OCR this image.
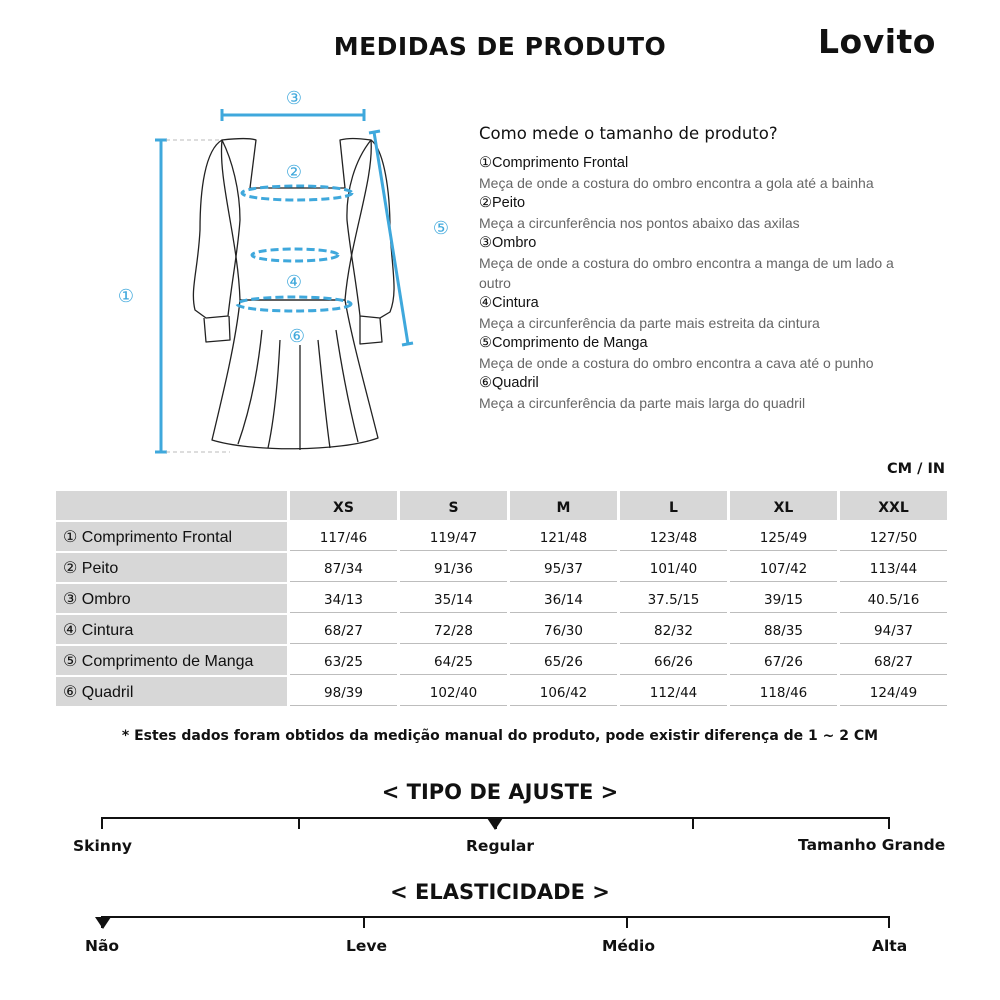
MEDIDAS DE PRODUTO	Lovito
①
②
③
④
⑤
⑥
Como mede o tamanho de produto?
①Comprimento Frontal
Meça de onde a costura do ombro encontra a gola até a bainha
②Peito
Meça a circunferência nos pontos abaixo das axilas
③Ombro
Meça de onde a costura do ombro encontra a manga de um lado a outro
④Cintura
Meça a circunferência da parte mais estreita da cintura
⑤Comprimento de Manga
Meça de onde a costura do ombro encontra a cava até o punho
⑥Quadril
Meça a circunferência da parte mais larga do quadril
CM / IN
	XS	S	M	L	XL	XXL
① Comprimento Frontal	117/46	119/47	121/48	123/48	125/49	127/50
② Peito	87/34	91/36	95/37	101/40	107/42	113/44
③ Ombro	34/13	35/14	36/14	37.5/15	39/15	40.5/16
④ Cintura	68/27	72/28	76/30	82/32	88/35	94/37
⑤ Comprimento de Manga	63/25	64/25	65/26	66/26	67/26	68/27
⑥ Quadril	98/39	102/40	106/42	112/44	118/46	124/49
* Estes dados foram obtidos da medição manual do produto, pode existir diferença de 1 ~ 2 CM
< TIPO DE AJUSTE >
Skinny	Regular	Tamanho Grande
< ELASTICIDADE >
Não	Leve	Médio	Alta
